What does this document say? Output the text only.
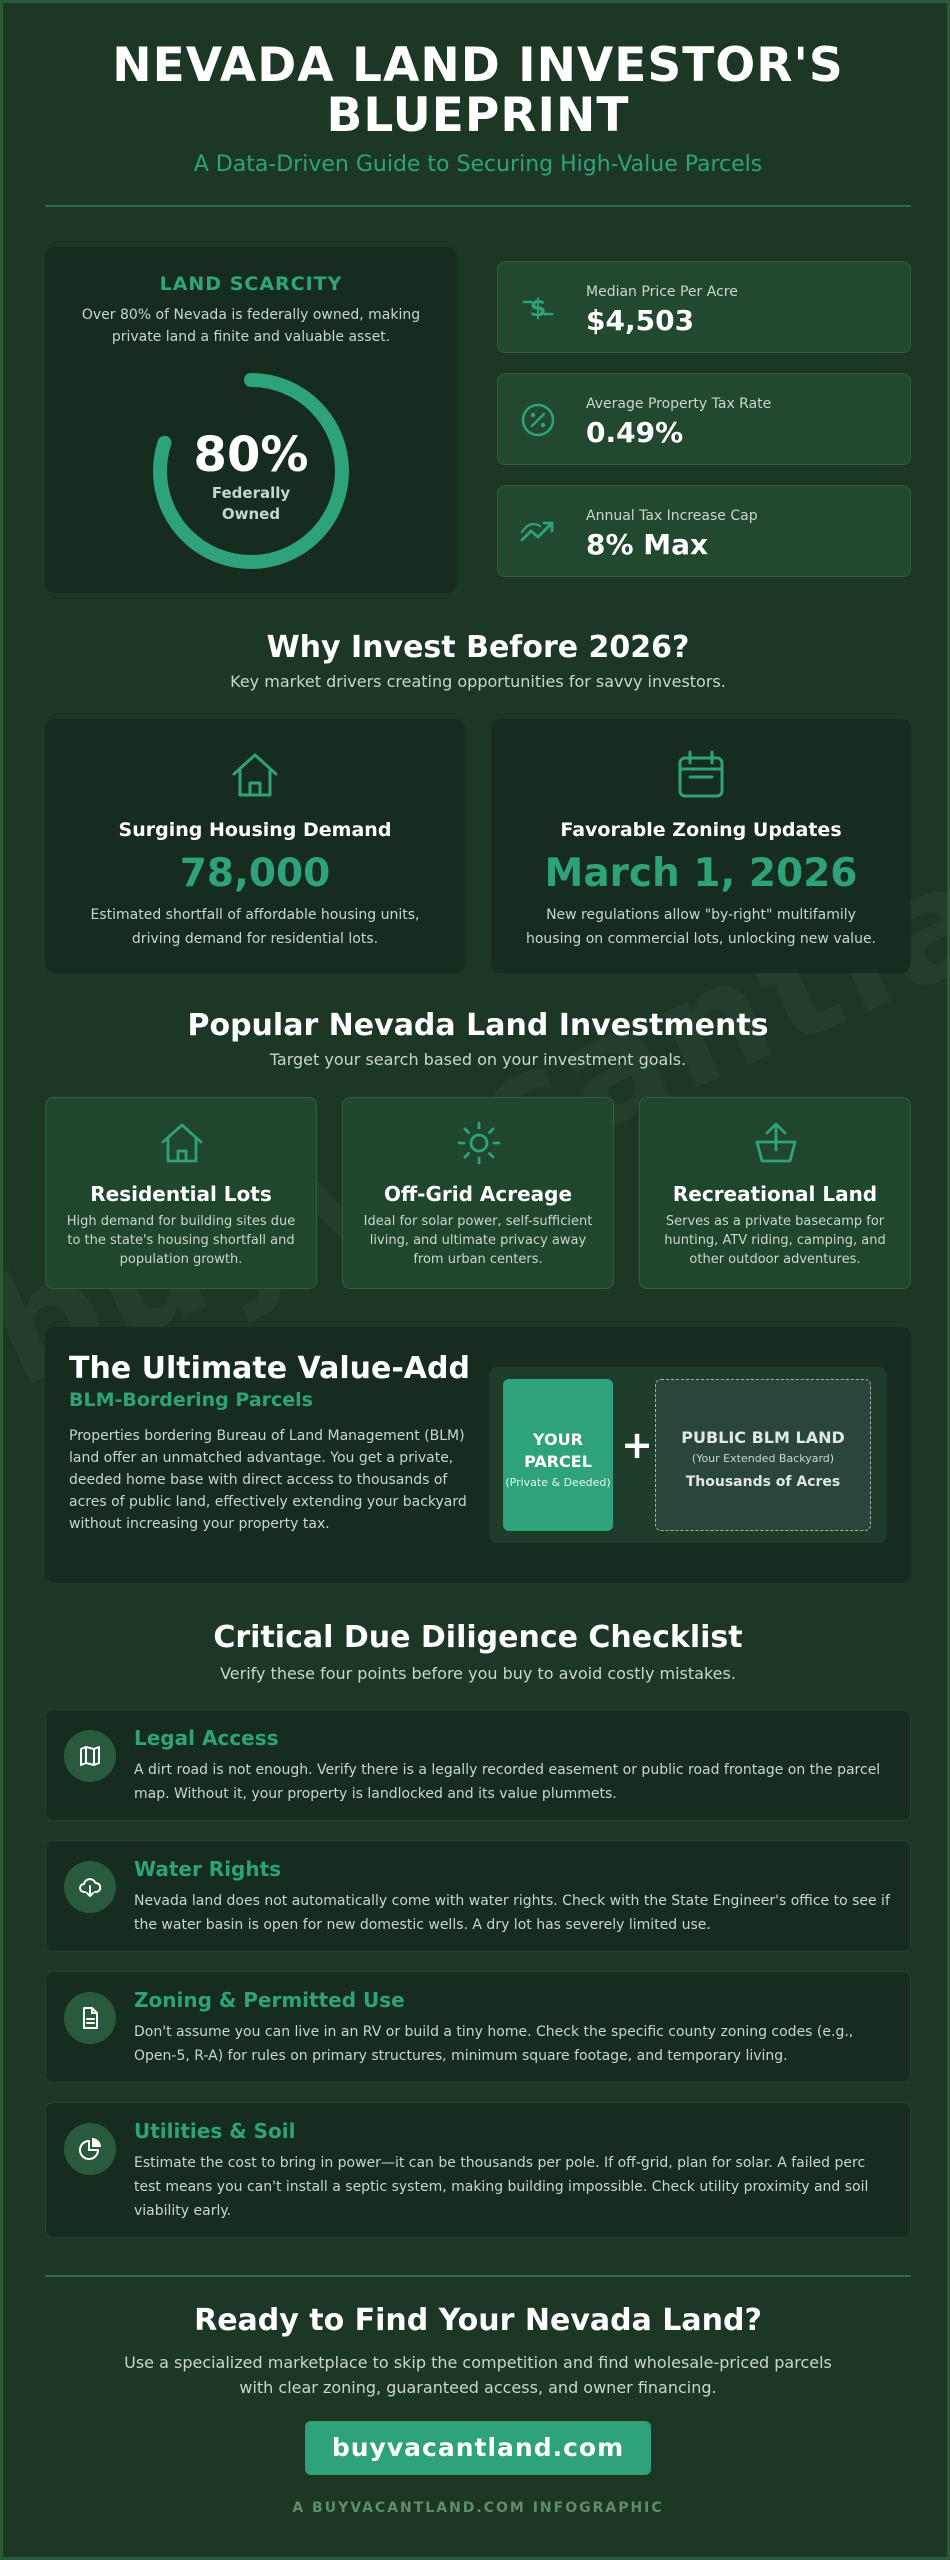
NEVADA LAND INVESTOR'S
BLUEPRINT
A Data-Driven Guide to Securing High-Value Parcels
LAND SCARCITY
Over 80% of Nevada is federally owned, making private land a finite and valuable asset.
80%
Federally Owned
$
Median Price Per Acre
$4,503
Average Property Tax Rate
0.49%
Annual Tax Increase Cap
8% Max
Why Invest Before 2026?
Key market drivers creating opportunities for savvy investors.
Surging Housing Demand
78,000
Estimated shortfall of affordable housing units, driving demand for residential lots.
Favorable Zoning Updates
March 1, 2026
New regulations allow "by-right" multifamily housing on commercial lots, unlocking new value.
Popular Nevada Land Investments
Target your search based on your investment goals.
Residential Lots
High demand for building sites due to the state's housing shortfall and population growth.
Off-Grid Acreage
Ideal for solar power, self-sufficient living, and ultimate privacy away from urban centers.
Recreational Land
Serves as a private basecamp for hunting, ATV riding, camping, and other outdoor adventures.
The Ultimate Value-Add
BLM-Bordering Parcels
Properties bordering Bureau of Land Management (BLM) land offer an unmatched advantage. You get a private, deeded home base with direct access to thousands of acres of public land, effectively extending your backyard without increasing your property tax.
YOUR PARCEL
(Private & Deeded)
+	PUBLIC BLM LAND
(Your Extended Backyard)
Thousands of Acres
Critical Due Diligence Checklist
Verify these four points before you buy to avoid costly mistakes.
Legal Access
A dirt road is not enough. Verify there is a legally recorded easement or public road frontage on the parcel map. Without it, your property is landlocked and its value plummets.
Water Rights
Nevada land does not automatically come with water rights. Check with the State Engineer's office to see if the water basin is open for new domestic wells. A dry lot has severely limited use.
Zoning & Permitted Use
Don't assume you can live in an RV or build a tiny home. Check the specific county zoning codes (e.g., Open-5, R-A) for rules on primary structures, minimum square footage, and temporary living.
Utilities & Soil
Estimate the cost to bring in power—it can be thousands per pole. If off-grid, plan for solar. A failed perc test means you can't install a septic system, making building impossible. Check utility proximity and soil viability early.
Ready to Find Your Nevada Land?
Use a specialized marketplace to skip the competition and find wholesale-priced parcels with clear zoning, guaranteed access, and owner financing.
buyvacantland.com
A BUYVACANTLAND.COM INFOGRAPHIC
